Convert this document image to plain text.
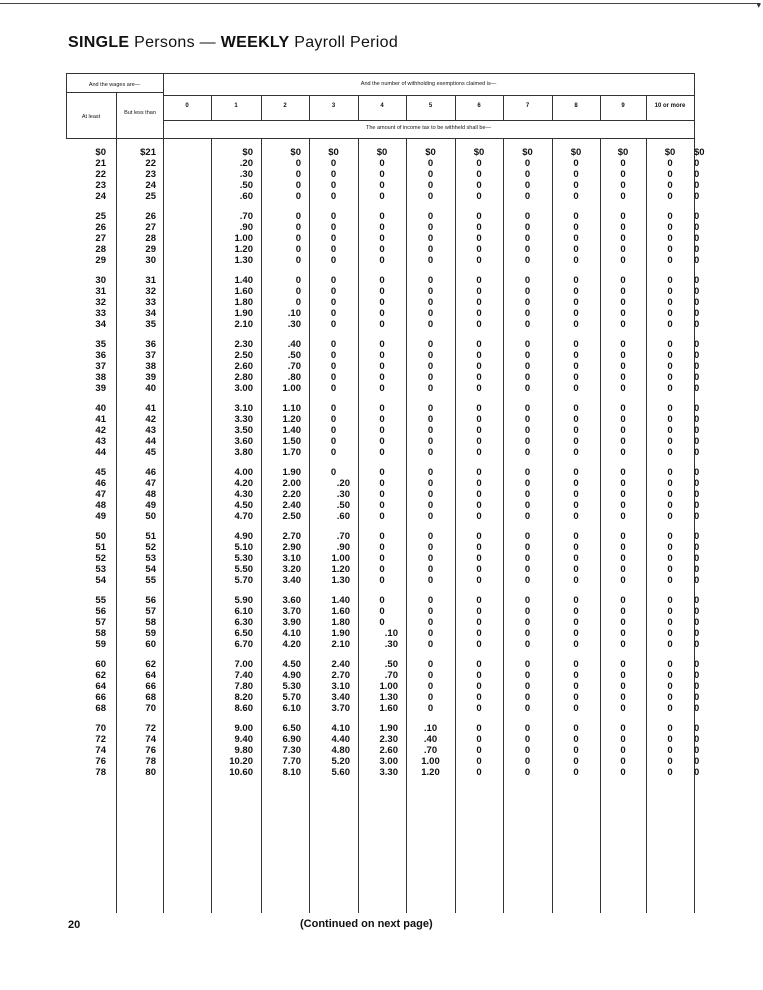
▾
SINGLE Persons — WEEKLY Payroll Period
And the wages are—
At least
But less than
And the number of withholding exemptions claimed is—
The amount of income tax to be withheld shall be—
0	1	2	3	4	5	6	7	8	9	10 or more
$0	$21	$0	$0	$0	$0	$0	$0	$0	$0	$0	$0	$0
21	22	.20	0	0	0	0	0	0	0	0	0	0
22	23	.30	0	0	0	0	0	0	0	0	0	0
23	24	.50	0	0	0	0	0	0	0	0	0	0
24	25	.60	0	0	0	0	0	0	0	0	0	0
25	26	.70	0	0	0	0	0	0	0	0	0	0
26	27	.90	0	0	0	0	0	0	0	0	0	0
27	28	1.00	0	0	0	0	0	0	0	0	0	0
28	29	1.20	0	0	0	0	0	0	0	0	0	0
29	30	1.30	0	0	0	0	0	0	0	0	0	0
30	31	1.40	0	0	0	0	0	0	0	0	0	0
31	32	1.60	0	0	0	0	0	0	0	0	0	0
32	33	1.80	0	0	0	0	0	0	0	0	0	0
33	34	1.90	.10	0	0	0	0	0	0	0	0	0
34	35	2.10	.30	0	0	0	0	0	0	0	0	0
35	36	2.30	.40	0	0	0	0	0	0	0	0	0
36	37	2.50	.50	0	0	0	0	0	0	0	0	0
37	38	2.60	.70	0	0	0	0	0	0	0	0	0
38	39	2.80	.80	0	0	0	0	0	0	0	0	0
39	40	3.00	1.00	0	0	0	0	0	0	0	0	0
40	41	3.10	1.10	0	0	0	0	0	0	0	0	0
41	42	3.30	1.20	0	0	0	0	0	0	0	0	0
42	43	3.50	1.40	0	0	0	0	0	0	0	0	0
43	44	3.60	1.50	0	0	0	0	0	0	0	0	0
44	45	3.80	1.70	0	0	0	0	0	0	0	0	0
45	46	4.00	1.90	0	0	0	0	0	0	0	0	0
46	47	4.20	2.00	.20	0	0	0	0	0	0	0	0
47	48	4.30	2.20	.30	0	0	0	0	0	0	0	0
48	49	4.50	2.40	.50	0	0	0	0	0	0	0	0
49	50	4.70	2.50	.60	0	0	0	0	0	0	0	0
50	51	4.90	2.70	.70	0	0	0	0	0	0	0	0
51	52	5.10	2.90	.90	0	0	0	0	0	0	0	0
52	53	5.30	3.10	1.00	0	0	0	0	0	0	0	0
53	54	5.50	3.20	1.20	0	0	0	0	0	0	0	0
54	55	5.70	3.40	1.30	0	0	0	0	0	0	0	0
55	56	5.90	3.60	1.40	0	0	0	0	0	0	0	0
56	57	6.10	3.70	1.60	0	0	0	0	0	0	0	0
57	58	6.30	3.90	1.80	0	0	0	0	0	0	0	0
58	59	6.50	4.10	1.90	.10	0	0	0	0	0	0	0
59	60	6.70	4.20	2.10	.30	0	0	0	0	0	0	0
60	62	7.00	4.50	2.40	.50	0	0	0	0	0	0	0
62	64	7.40	4.90	2.70	.70	0	0	0	0	0	0	0
64	66	7.80	5.30	3.10	1.00	0	0	0	0	0	0	0
66	68	8.20	5.70	3.40	1.30	0	0	0	0	0	0	0
68	70	8.60	6.10	3.70	1.60	0	0	0	0	0	0	0
70	72	9.00	6.50	4.10	1.90	.10	0	0	0	0	0	0
72	74	9.40	6.90	4.40	2.30	.40	0	0	0	0	0	0
74	76	9.80	7.30	4.80	2.60	.70	0	0	0	0	0	0
76	78	10.20	7.70	5.20	3.00	1.00	0	0	0	0	0	0
78	80	10.60	8.10	5.60	3.30	1.20	0	0	0	0	0	0
20	(Continued on next page)
